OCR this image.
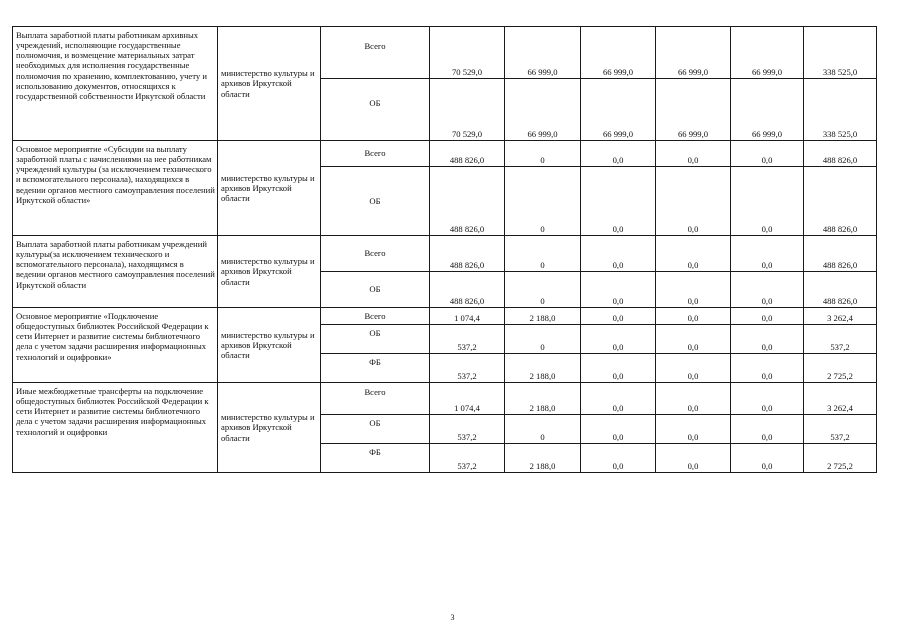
Выплата заработной платы работникам архивных учреждений, исполняющие государственные полномочия, и возмещение материальных затрат необходимых для исполнения государственные полномочия по хранению, комплектованию, учету и использованию документов, относящихся к государственной собственности Иркутской области	министерство культуры и архивов Иркутской области	Всего	70 529,0	66 999,0	66 999,0	66 999,0	66 999,0	338 525,0
		ОБ	70 529,0	66 999,0	66 999,0	66 999,0	66 999,0	338 525,0
Основное мероприятие «Субсидии на выплату заработной платы с начислениями на нее работникам учреждений культуры (за исключением технического и вспомогательного персонала), находящихся в ведении органов местного самоуправления поселений Иркутской области»	министерство культуры и архивов Иркутской области	Всего	488 826,0	0	0,0	0,0	0,0	488 826,0
		ОБ	488 826,0	0	0,0	0,0	0,0	488 826,0
Выплата заработной платы работникам учреждений культуры(за исключением технического и вспомогательного персонала), находящимся в ведении органов местного самоуправления поселений Иркутской области	министерство культуры и архивов Иркутской области	Всего	488 826,0	0	0,0	0,0	0,0	488 826,0
		ОБ	488 826,0	0	0,0	0,0	0,0	488 826,0
Основное мероприятие «Подключение общедоступных библиотек Российской Федерации к сети Интернет и развитие системы библиотечного дела с учетом задачи расширения информационных технологий и оцифровки»	министерство культуры и архивов Иркутской области	Всего	1 074,4	2 188,0	0,0	0,0	0,0	3 262,4
		ОБ	537,2	0	0,0	0,0	0,0	537,2
		ФБ	537,2	2 188,0	0,0	0,0	0,0	2 725,2
Иные межбюджетные трансферты на подключение общедоступных библиотек Российской Федерации к сети Интернет и развитие системы библиотечного дела с учетом задачи расширения информационных технологий и оцифровки	министерство культуры и архивов Иркутской области	Всего	1 074,4	2 188,0	0,0	0,0	0,0	3 262,4
		ОБ	537,2	0	0,0	0,0	0,0	537,2
		ФБ	537,2	2 188,0	0,0	0,0	0,0	2 725,2
3
